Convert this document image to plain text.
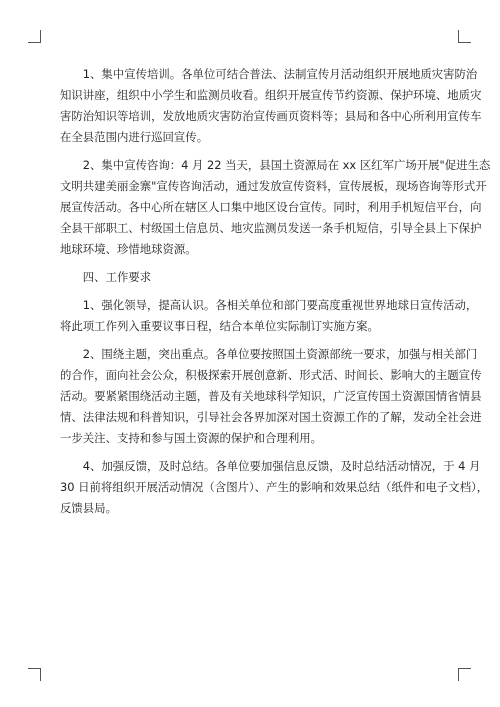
　　1、集中宣传培训。各单位可结合普法、法制宣传月活动组织开展地质灾害防治
知识讲座，组织中小学生和监测员收看。组织开展宣传节约资源、保护环境、地质灾
害防治知识等培训，发放地质灾害防治宣传画页资料等；县局和各中心所利用宣传车
在全县范围内进行巡回宣传。
　　2、集中宣传咨询：4 月 22 当天，县国土资源局在 xx 区红军广场开展"促进生态
文明共建美丽金寨"宣传咨询活动，通过发放宣传资料，宣传展板，现场咨询等形式开
展宣传活动。各中心所在辖区人口集中地区设台宣传。同时，利用手机短信平台，向
全县干部职工、村级国土信息员、地灾监测员发送一条手机短信，引导全县上下保护
地球环境、珍惜地球资源。
　　四、工作要求
　　1、强化领导，提高认识。各相关单位和部门要高度重视世界地球日宣传活动，
将此项工作列入重要议事日程，结合本单位实际制订实施方案。
　　2、围绕主题，突出重点。各单位要按照国土资源部统一要求，加强与相关部门
的合作，面向社会公众，积极探索开展创意新、形式活、时间长、影响大的主题宣传
活动。要紧紧围绕活动主题，普及有关地球科学知识，广泛宣传国土资源国情省情县
情、法律法规和科普知识，引导社会各界加深对国土资源工作的了解，发动全社会进
一步关注、支持和参与国土资源的保护和合理利用。
　　4、加强反馈，及时总结。各单位要加强信息反馈，及时总结活动情况，于 4 月
30 日前将组织开展活动情况（含图片）、产生的影响和效果总结（纸件和电子文档），
反馈县局。
